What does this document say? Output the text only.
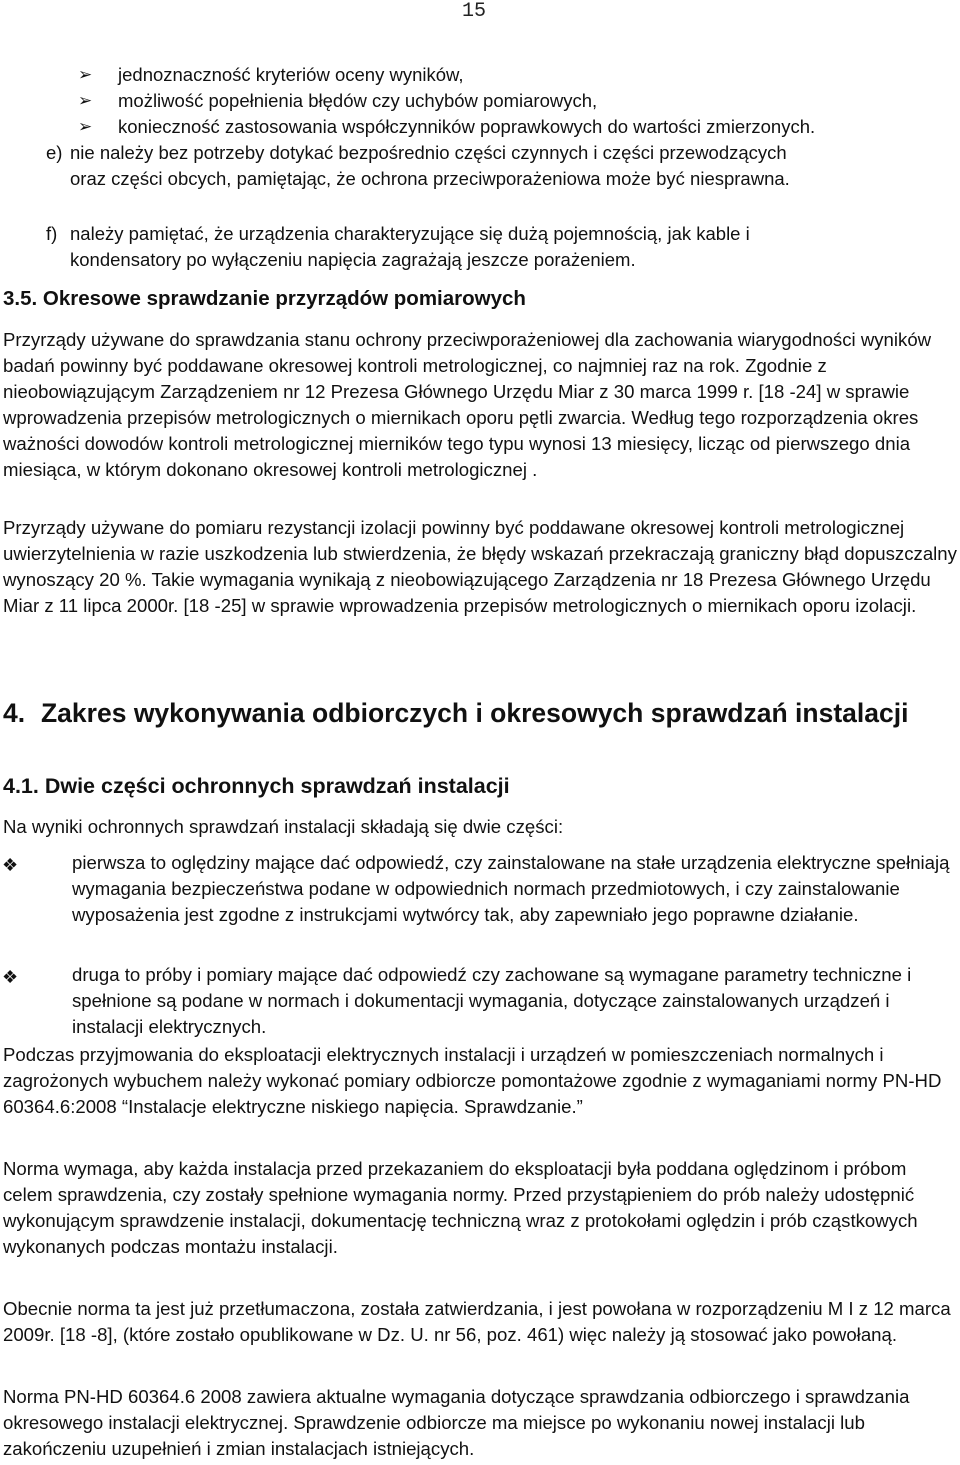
15
➢ jednoznaczność kryteriów oceny wyników,
➢ możliwość popełnienia błędów czy uchybów pomiarowych,
➢ konieczność zastosowania współczynników poprawkowych do wartości zmierzonych.
e) nie należy bez potrzeby dotykać bezpośrednio części czynnych i części przewodzących
oraz części obcych, pamiętając, że ochrona przeciwporażeniowa może być niesprawna.
f) należy pamiętać, że urządzenia charakteryzujące się dużą pojemnością, jak kable i
kondensatory po wyłączeniu napięcia zagrażają jeszcze porażeniem.
3.5. Okresowe sprawdzanie przyrządów pomiarowych

Przyrządy używane do sprawdzania stanu ochrony przeciwporażeniowej dla zachowania wiarygodności wyników badań powinny być poddawane okresowej kontroli metrologicznej, co najmniej raz na rok. Zgodnie z nieobowiązującym Zarządzeniem nr 12 Prezesa Głównego Urzędu Miar z 30 marca 1999 r. [18 -24] w sprawie wprowadzenia przepisów metrologicznych o miernikach oporu pętli zwarcia. Według tego rozporządzenia okres ważności dowodów kontroli metrologicznej mierników tego typu wynosi 13 miesięcy, licząc od pierwszego dnia miesiąca, w którym dokonano okresowej kontroli metrologicznej .

Przyrządy używane do pomiaru rezystancji izolacji powinny być poddawane okresowej kontroli metrologicznej uwierzytelnienia w razie uszkodzenia lub stwierdzenia, że błędy wskazań przekraczają graniczny błąd dopuszczalny wynoszący 20 %. Takie wymagania wynikają z nieobowiązującego Zarządzenia nr 18 Prezesa Głównego Urzędu Miar z 11 lipca 2000r. [18 -25] w sprawie wprowadzenia przepisów metrologicznych o miernikach oporu izolacji.

4. Zakres wykonywania odbiorczych i okresowych sprawdzań instalacji
4.1. Dwie części ochronnych sprawdzań instalacji

Na wyniki ochronnych sprawdzań instalacji składają się dwie części:

❖	pierwsza to oględziny mające dać odpowiedź, czy zainstalowane na stałe urządzenia elektryczne spełniają wymagania bezpieczeństwa podane w odpowiednich normach przedmiotowych, i czy zainstalowanie wyposażenia jest zgodne z instrukcjami wytwórcy tak, aby zapewniało jego poprawne działanie.
❖	druga to próby i pomiary mające dać odpowiedź czy zachowane są wymagane parametry techniczne i spełnione są podane w normach i dokumentacji wymagania, dotyczące zainstalowanych urządzeń i instalacji elektrycznych.

Podczas przyjmowania do eksploatacji elektrycznych instalacji i urządzeń w pomieszczeniach normalnych i zagrożonych wybuchem należy wykonać pomiary odbiorcze pomontażowe zgodnie z wymaganiami normy PN-HD 60364.6:2008 “Instalacje elektryczne niskiego napięcia. Sprawdzanie.”

Norma wymaga, aby każda instalacja przed przekazaniem do eksploatacji była poddana oględzinom i próbom celem sprawdzenia, czy zostały spełnione wymagania normy. Przed przystąpieniem do prób należy udostępnić wykonującym sprawdzenie instalacji, dokumentację techniczną wraz z protokołami oględzin i prób cząstkowych wykonanych podczas montażu instalacji.

Obecnie norma ta jest już przetłumaczona, została zatwierdzania, i jest powołana w rozporządzeniu M I z 12 marca 2009r. [18 -8], (które zostało opublikowane w Dz. U. nr 56, poz. 461) więc należy ją stosować jako powołaną.

Norma PN-HD 60364.6 2008 zawiera aktualne wymagania dotyczące sprawdzania odbiorczego i sprawdzania okresowego instalacji elektrycznej. Sprawdzenie odbiorcze ma miejsce po wykonaniu nowej instalacji lub zakończeniu uzupełnień i zmian instalacjach istniejących.
